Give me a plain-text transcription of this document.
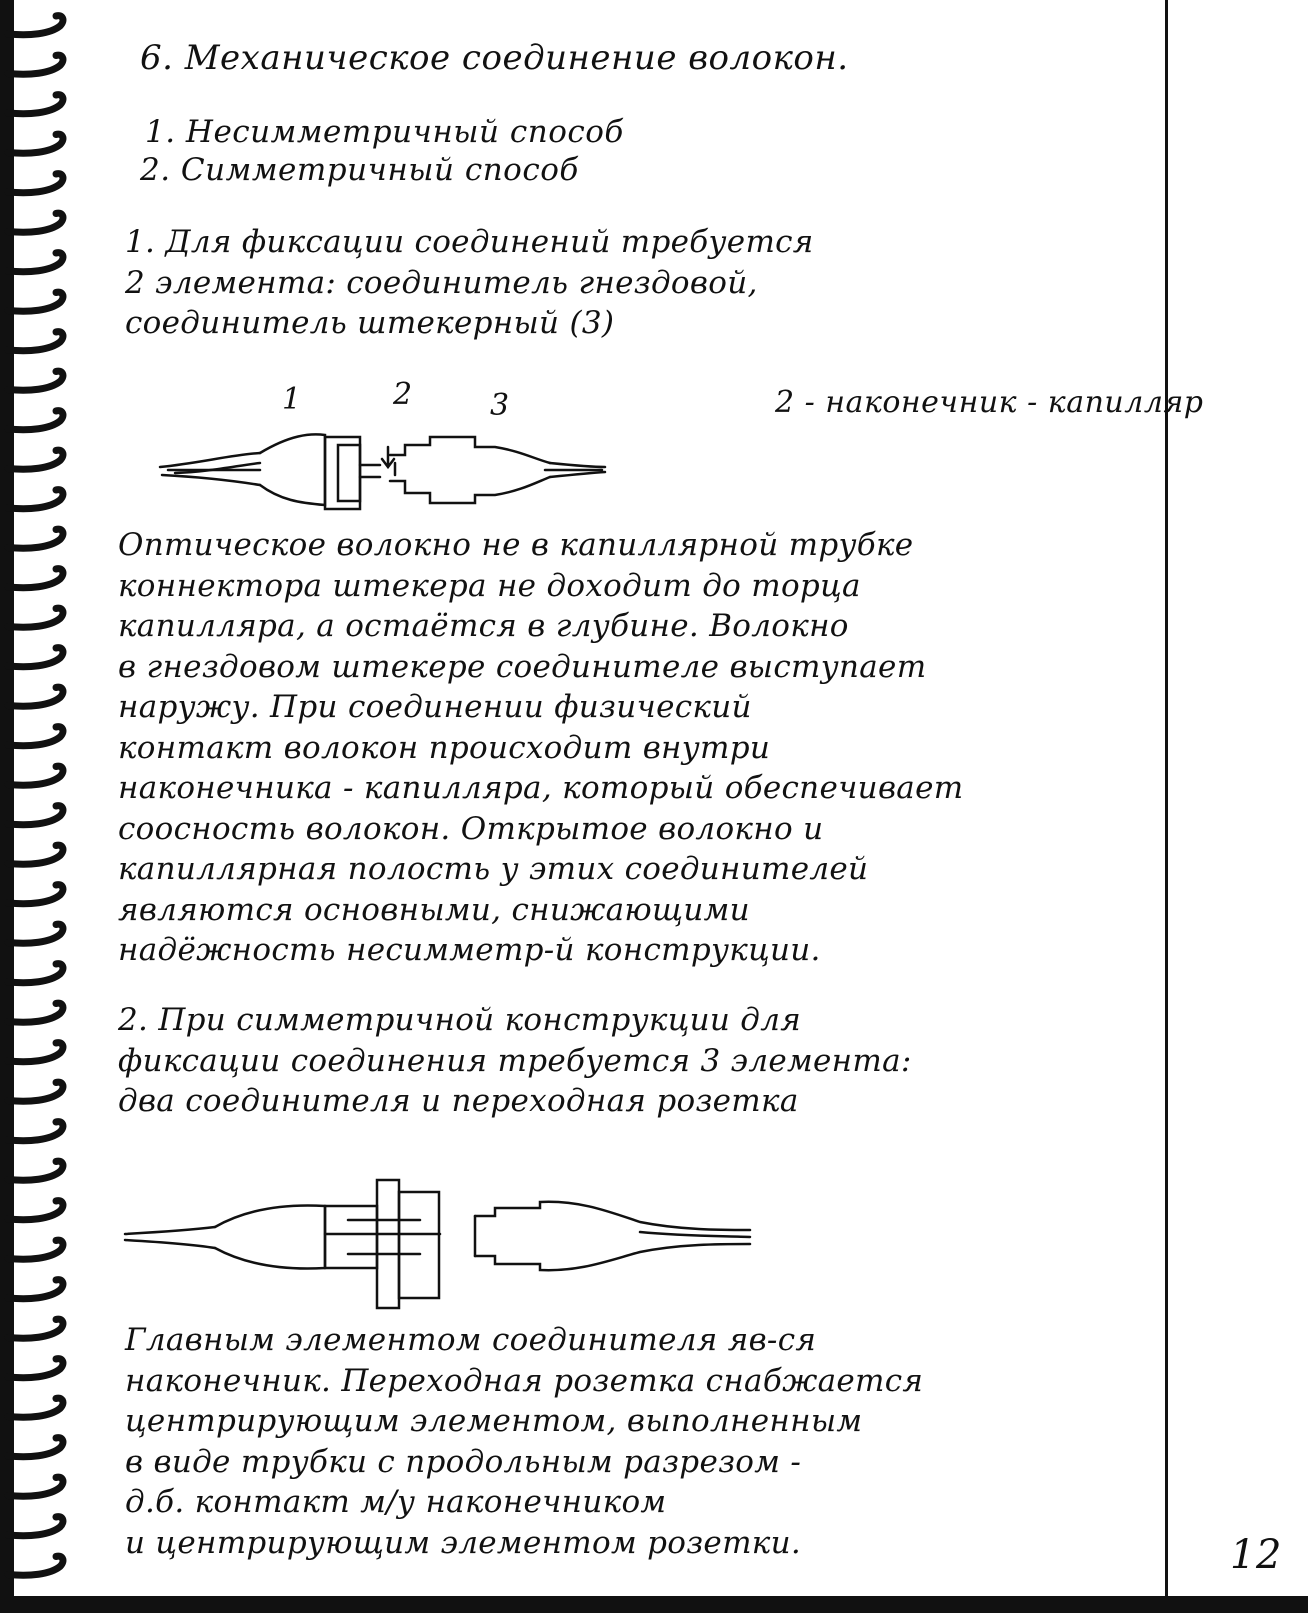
6. Механическое соединение волокон.
1. Несимметричный способ
2. Симметричный способ
1. Для фиксации соединений требуется
2 элемента: соединитель гнездовой,
соединитель штекерный (3)
1	2	3	2 - наконечник - капилляр
Оптическое волокно не в капиллярной трубке
коннектора штекера не доходит до торца
капилляра, а остаётся в глубине. Волокно
в гнездовом штекере соединителе выступает
наружу. При соединении физический
контакт волокон происходит внутри
наконечника - капилляра, который обеспечивает
соосность волокон. Открытое волокно и
капиллярная полость у этих соединителей
являются основными, снижающими
надёжность несимметр-й конструкции.
2. При симметричной конструкции для
фиксации соединения требуется 3 элемента:
два соединителя и переходная розетка
Главным элементом соединителя яв-ся
наконечник. Переходная розетка снабжается
центрирующим элементом, выполненным
в виде трубки с продольным разрезом -
д.б. контакт м/у наконечником
и центрирующим элементом розетки.	12
